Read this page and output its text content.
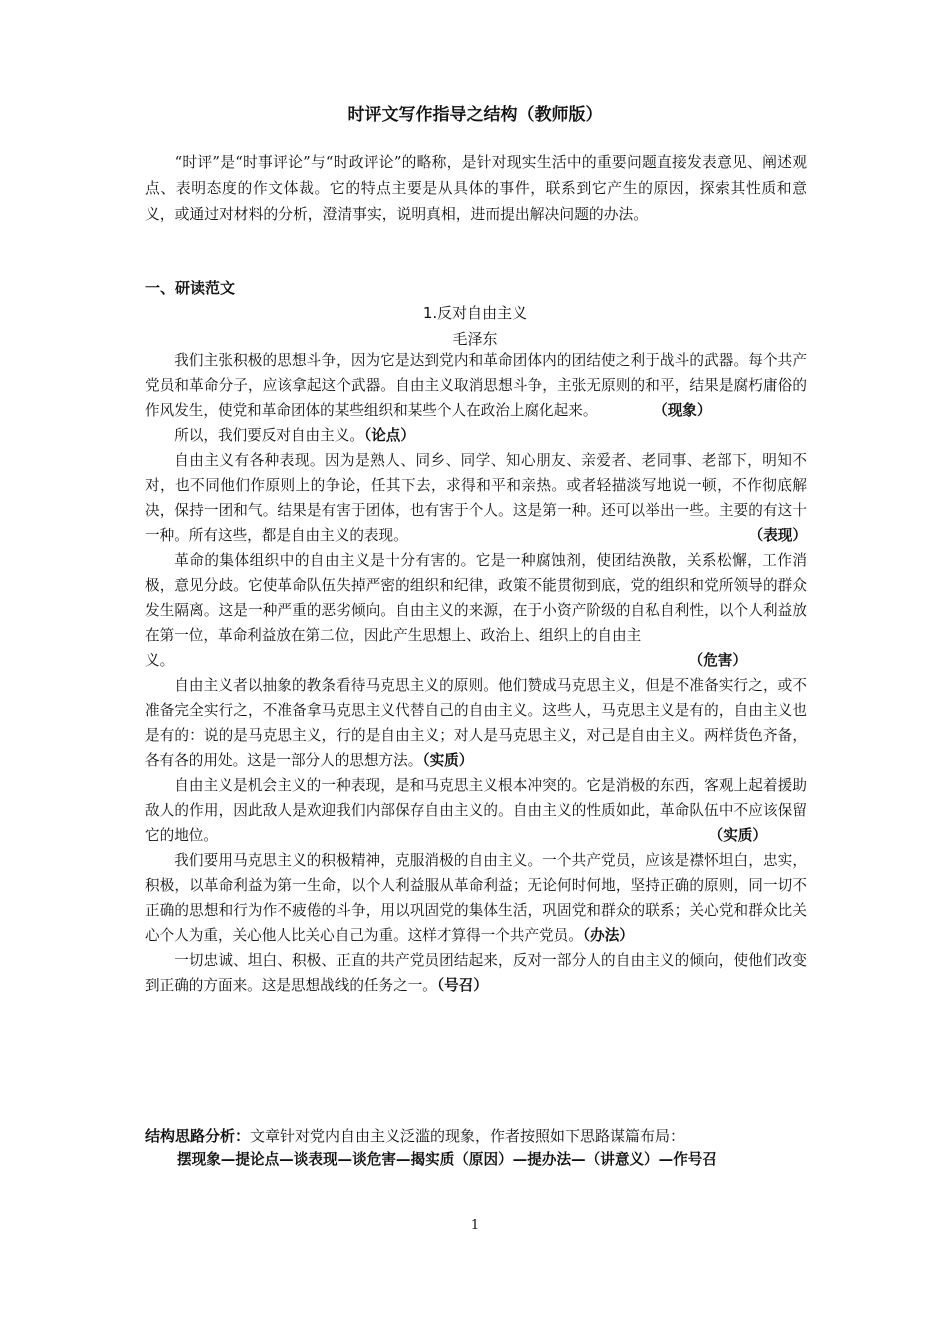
时评文写作指导之结构（教师版）
“时评”是“时事评论”与“时政评论”的略称，是针对现实生活中的重要问题直接发表意见、阐述观点、表明态度的作文体裁。它的特点主要是从具体的事件，联系到它产生的原因，探索其性质和意义，或通过对材料的分析，澄清事实，说明真相，进而提出解决问题的办法。
一、研读范文
1.反对自由主义
毛泽东

我们主张积极的思想斗争，因为它是达到党内和革命团体内的团结使之利于战斗的武器。每个共产党员和革命分子，应该拿起这个武器。自由主义取消思想斗争，主张无原则的和平，结果是腐朽庸俗的作风发生，使党和革命团体的某些组织和某些个人在政治上腐化起来。	（现象）

所以，我们要反对自由主义。（论点）

自由主义有各种表现。因为是熟人、同乡、同学、知心朋友、亲爱者、老同事、老部下，明知不对，也不同他们作原则上的争论，任其下去，求得和平和亲热。或者轻描淡写地说一顿，不作彻底解决，保持一团和气。结果是有害于团体，也有害于个人。这是第一种。还可以举出一些。主要的有这十一种。所有这些，都是自由主义的表现。	（表现）

革命的集体组织中的自由主义是十分有害的。它是一种腐蚀剂，使团结涣散，关系松懈，工作消极，意见分歧。它使革命队伍失掉严密的组织和纪律，政策不能贯彻到底，党的组织和党所领导的群众发生隔离。这是一种严重的恶劣倾向。自由主义的来源，在于小资产阶级的自私自利性，以个人利益放在第一位，革命利益放在第二位，因此产生思想上、政治上、组织上的自由主

义。	（危害）

自由主义者以抽象的教条看待马克思主义的原则。他们赞成马克思主义，但是不准备实行之，或不准备完全实行之，不准备拿马克思主义代替自己的自由主义。这些人，马克思主义是有的，自由主义也是有的：说的是马克思主义，行的是自由主义；对人是马克思主义，对己是自由主义。两样货色齐备，各有各的用处。这是一部分人的思想方法。（实质）

自由主义是机会主义的一种表现，是和马克思主义根本冲突的。它是消极的东西，客观上起着援助敌人的作用，因此敌人是欢迎我们内部保存自由主义的。自由主义的性质如此，革命队伍中不应该保留它的地位。	（实质）

我们要用马克思主义的积极精神，克服消极的自由主义。一个共产党员，应该是襟怀坦白，忠实，积极，以革命利益为第一生命，以个人利益服从革命利益；无论何时何地，坚持正确的原则，同一切不正确的思想和行为作不疲倦的斗争，用以巩固党的集体生活，巩固党和群众的联系；关心党和群众比关心个人为重，关心他人比关心自己为重。这样才算得一个共产党员。（办法）

一切忠诚、坦白、积极、正直的共产党员团结起来，反对一部分人的自由主义的倾向，使他们改变到正确的方面来。这是思想战线的任务之一。（号召）

结构思路分析：文章针对党内自由主义泛滥的现象，作者按照如下思路谋篇布局：
摆现象—提论点—谈表现—谈危害—揭实质（原因）—提办法—（讲意义）—作号召
1
